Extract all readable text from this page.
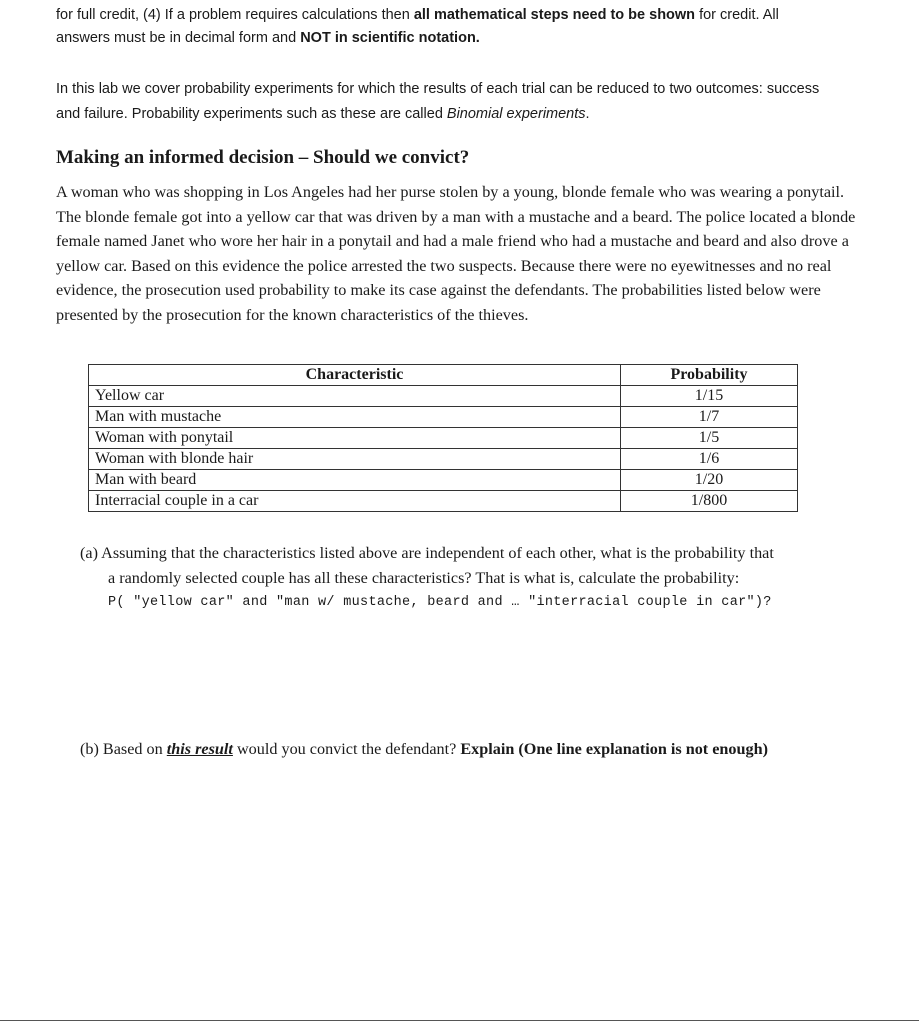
for full credit, (4) If a problem requires calculations then all mathematical steps need to be shown for credit. All
answers must be in decimal form and NOT in scientific notation.
In this lab we cover probability experiments for which the results of each trial can be reduced to two outcomes: success and failure. Probability experiments such as these are called Binomial experiments.
Making an informed decision – Should we convict?

A woman who was shopping in Los Angeles had her purse stolen by a young, blonde female who was wearing a ponytail. The blonde female got into a yellow car that was driven by a man with a mustache and a beard. The police located a blonde female named Janet who wore her hair in a ponytail and had a male friend who had a mustache and beard and also drove a yellow car. Based on this evidence the police arrested the two suspects. Because there were no eyewitnesses and no real evidence, the prosecution used probability to make its case against the defendants. The probabilities listed below were presented by the prosecution for the known characteristics of the thieves.

Characteristic	Probability
Yellow car	1/15
Man with mustache	1/7
Woman with ponytail	1/5
Woman with blonde hair	1/6
Man with beard	1/20
Interracial couple in a car	1/800
(a) Assuming that the characteristics listed above are independent of each other, what is the probability that
a randomly selected couple has all these characteristics? That is what is, calculate the probability:
P( "yellow car" and "man w/ mustache, beard and … "interracial couple in car")?
(b) Based on this result would you convict the defendant? Explain (One line explanation is not enough)
